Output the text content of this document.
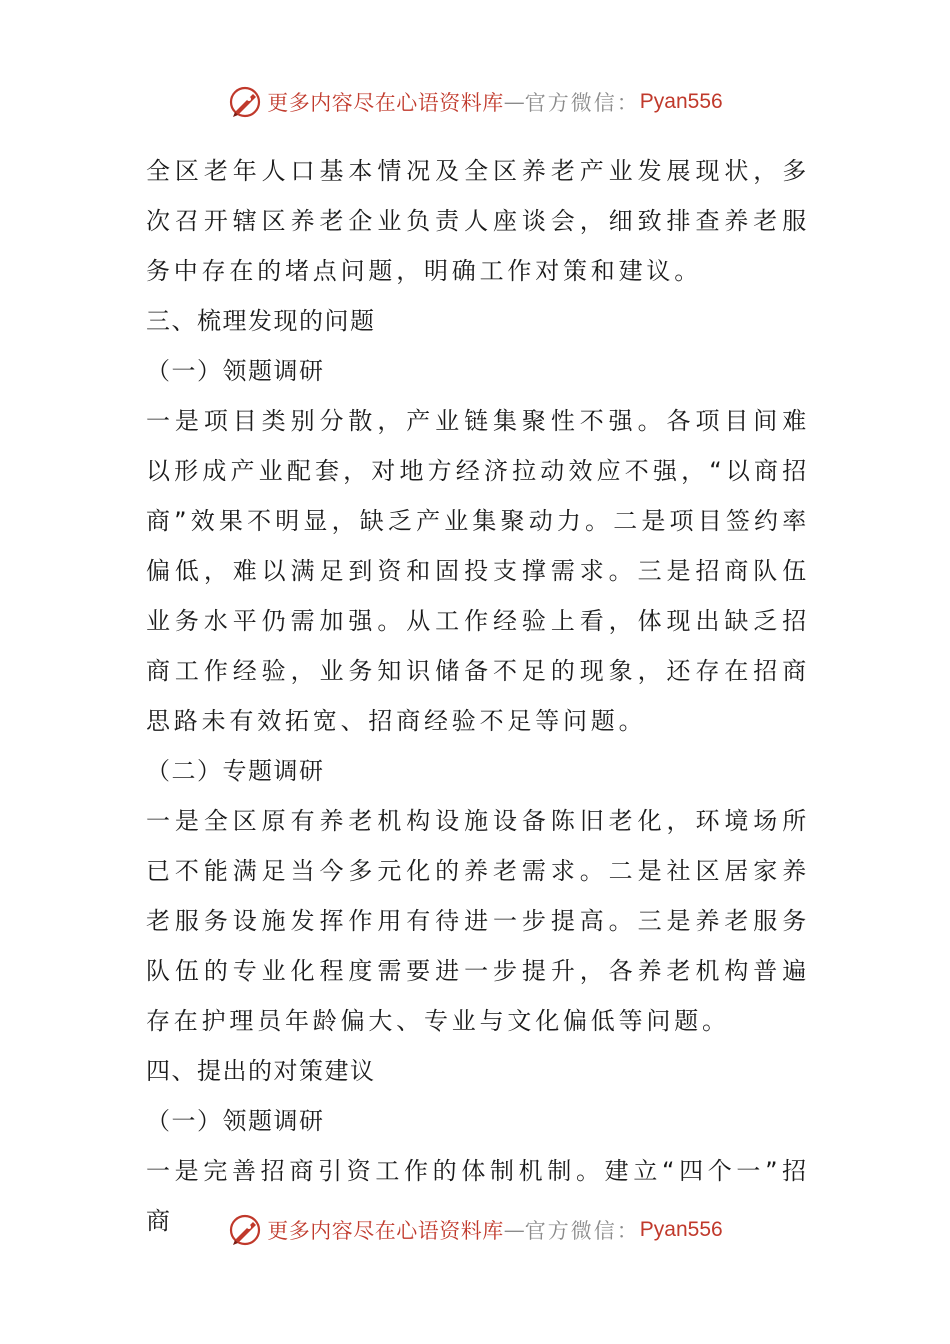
更多内容尽在心语资料库 — 官方微信： Pyan556

全区老年人口基本情况及全区养老产业发展现状，多次召开辖区养老企业负责人座谈会，细致排查养老服务中存在的堵点问题，明确工作对策和建议。

三、梳理发现的问题

（一）领题调研

一是项目类别分散，产业链集聚性不强。各项目间难以形成产业配套，对地方经济拉动效应不强，“以商招商”效果不明显，缺乏产业集聚动力。二是项目签约率偏低，难以满足到资和固投支撑需求。三是招商队伍业务水平仍需加强。从工作经验上看，体现出缺乏招商工作经验，业务知识储备不足的现象，还存在招商思路未有效拓宽、招商经验不足等问题。

（二）专题调研

一是全区原有养老机构设施设备陈旧老化，环境场所已不能满足当今多元化的养老需求。二是社区居家养老服务设施发挥作用有待进一步提高。三是养老服务队伍的专业化程度需要进一步提升，各养老机构普遍存在护理员年龄偏大、专业与文化偏低等问题。

四、提出的对策建议

（一）领题调研

一是完善招商引资工作的体制机制。建立“四个一”招商	更多内容尽在心语资料库 — 官方微信： Pyan556
